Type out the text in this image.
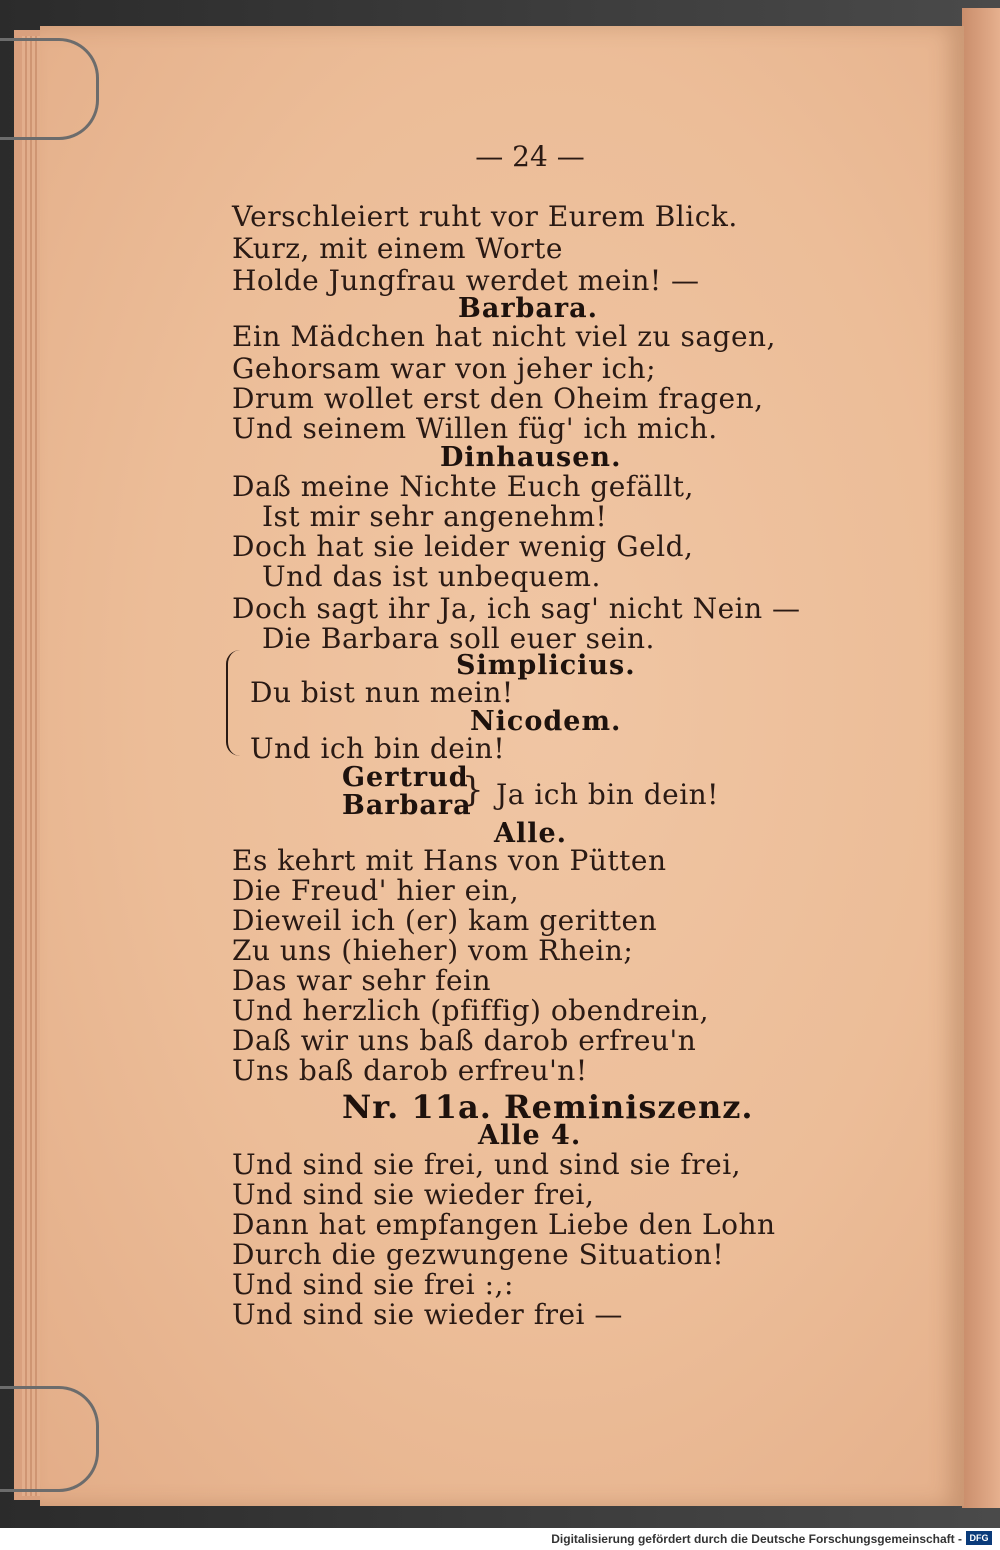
— 24 —
Verschleiert ruht vor Eurem Blick.
Kurz, mit einem Worte
Holde Jungfrau werdet mein! —
Barbara.
Ein Mädchen hat nicht viel zu sagen,
Gehorsam war von jeher ich;
Drum wollet erst den Oheim fragen,
Und seinem Willen füg' ich mich.
Dinhausen.
Daß meine Nichte Euch gefällt,
Ist mir sehr angenehm!
Doch hat sie leider wenig Geld,
Und das ist unbequem.
Doch sagt ihr Ja, ich sag' nicht Nein —
Die Barbara soll euer sein.
Simplicius.
Du bist nun mein!
Nicodem.
Und ich bin dein!
Gertrud
Barbara
} Ja ich bin dein!
Alle.
Es kehrt mit Hans von Pütten
Die Freud' hier ein,
Dieweil ich (er) kam geritten
Zu uns (hieher) vom Rhein;
Das war sehr fein
Und herzlich (pfiffig) obendrein,
Daß wir uns baß darob erfreu'n
Uns baß darob erfreu'n!
Nr. 11a. Reminiszenz.
Alle 4.
Und sind sie frei, und sind sie frei,
Und sind sie wieder frei,
Dann hat empfangen Liebe den Lohn
Durch die gezwungene Situation!
Und sind sie frei :,:
Und sind sie wieder frei —
Digitalisierung gefördert durch die Deutsche Forschungsgemeinschaft - DFG
